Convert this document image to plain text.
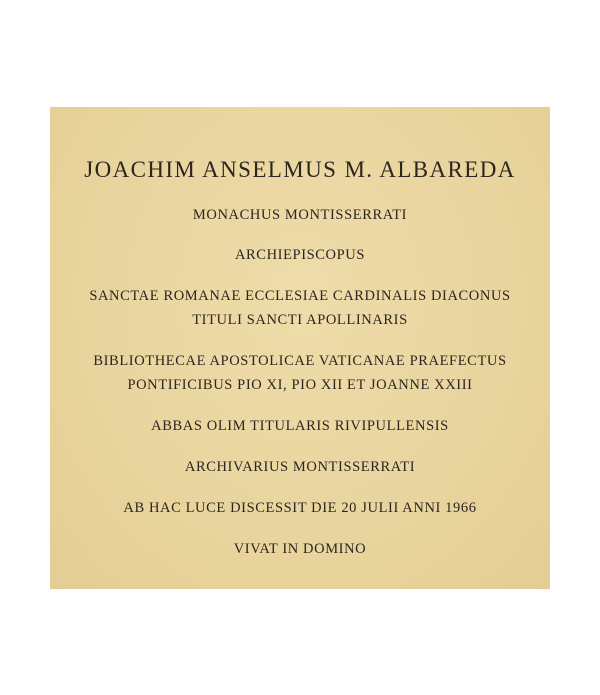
JOACHIM ANSELMUS M. ALBAREDA
MONACHUS MONTISSERRATI
ARCHIEPISCOPUS
SANCTAE ROMANAE ECCLESIAE CARDINALIS DIACONUS
TITULI SANCTI APOLLINARIS
BIBLIOTHECAE APOSTOLICAE VATICANAE PRAEFECTUS
PONTIFICIBUS PIO XI, PIO XII ET JOANNE XXIII
ABBAS OLIM TITULARIS RIVIPULLENSIS
ARCHIVARIUS MONTISSERRATI
AB HAC LUCE DISCESSIT DIE 20 JULII ANNI 1966
VIVAT IN DOMINO
